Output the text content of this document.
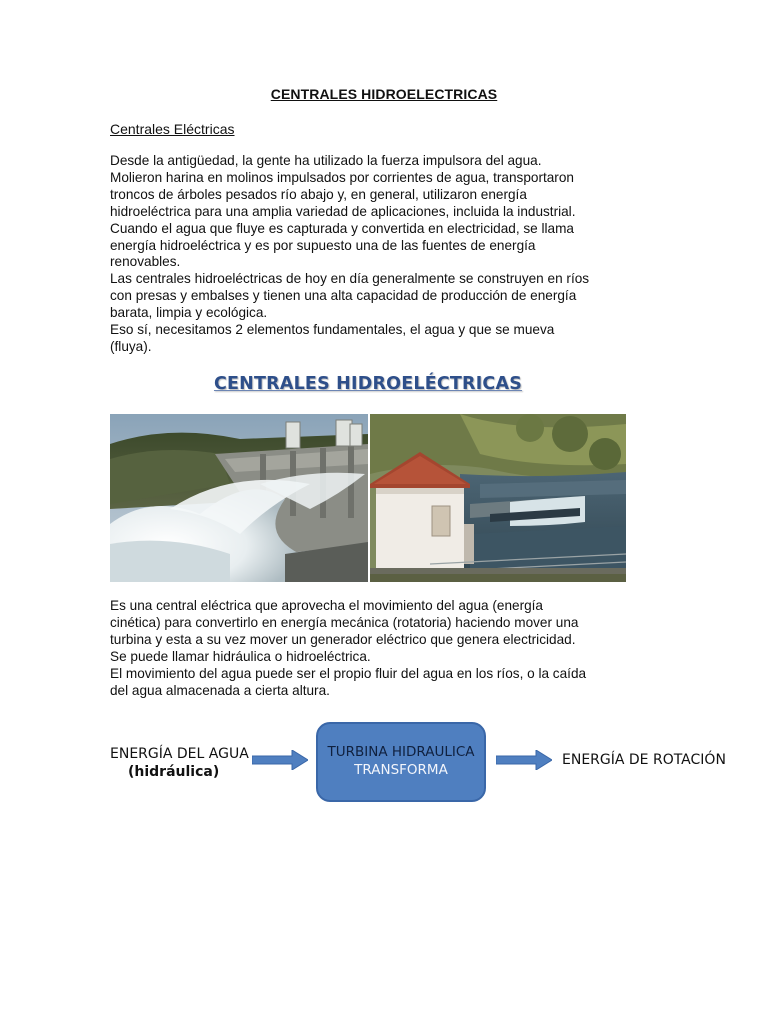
CENTRALES HIDROELECTRICAS
Centrales Eléctricas

Desde la antigüedad, la gente ha utilizado la fuerza impulsora del agua.
Molieron harina en molinos impulsados por corrientes de agua, transportaron
troncos de árboles pesados río abajo y, en general, utilizaron energía
hidroeléctrica para una amplia variedad de aplicaciones, incluida la industrial.
Cuando el agua que fluye es capturada y convertida en electricidad, se llama
energía hidroeléctrica y es por supuesto una de las fuentes de energía
renovables.
Las centrales hidroeléctricas de hoy en día generalmente se construyen en ríos
con presas y embalses y tienen una alta capacidad de producción de energía
barata, limpia y ecológica.
Eso sí, necesitamos 2 elementos fundamentales, el agua y que se mueva
(fluya).

CENTRALES HIDROELÉCTRICAS

Es una central eléctrica que aprovecha el movimiento del agua (energía
cinética) para convertirlo en energía mecánica (rotatoria) haciendo mover una
turbina y esta a su vez mover un generador eléctrico que genera electricidad.
Se puede llamar hidráulica o hidroeléctrica.
El movimiento del agua puede ser el propio fluir del agua en los ríos, o la caída
del agua almacenada a cierta altura.

ENERGÍA DEL AGUA
(hidráulica)
TURBINA HIDRAULICA
TRANSFORMA
ENERGÍA DE ROTACIÓN
